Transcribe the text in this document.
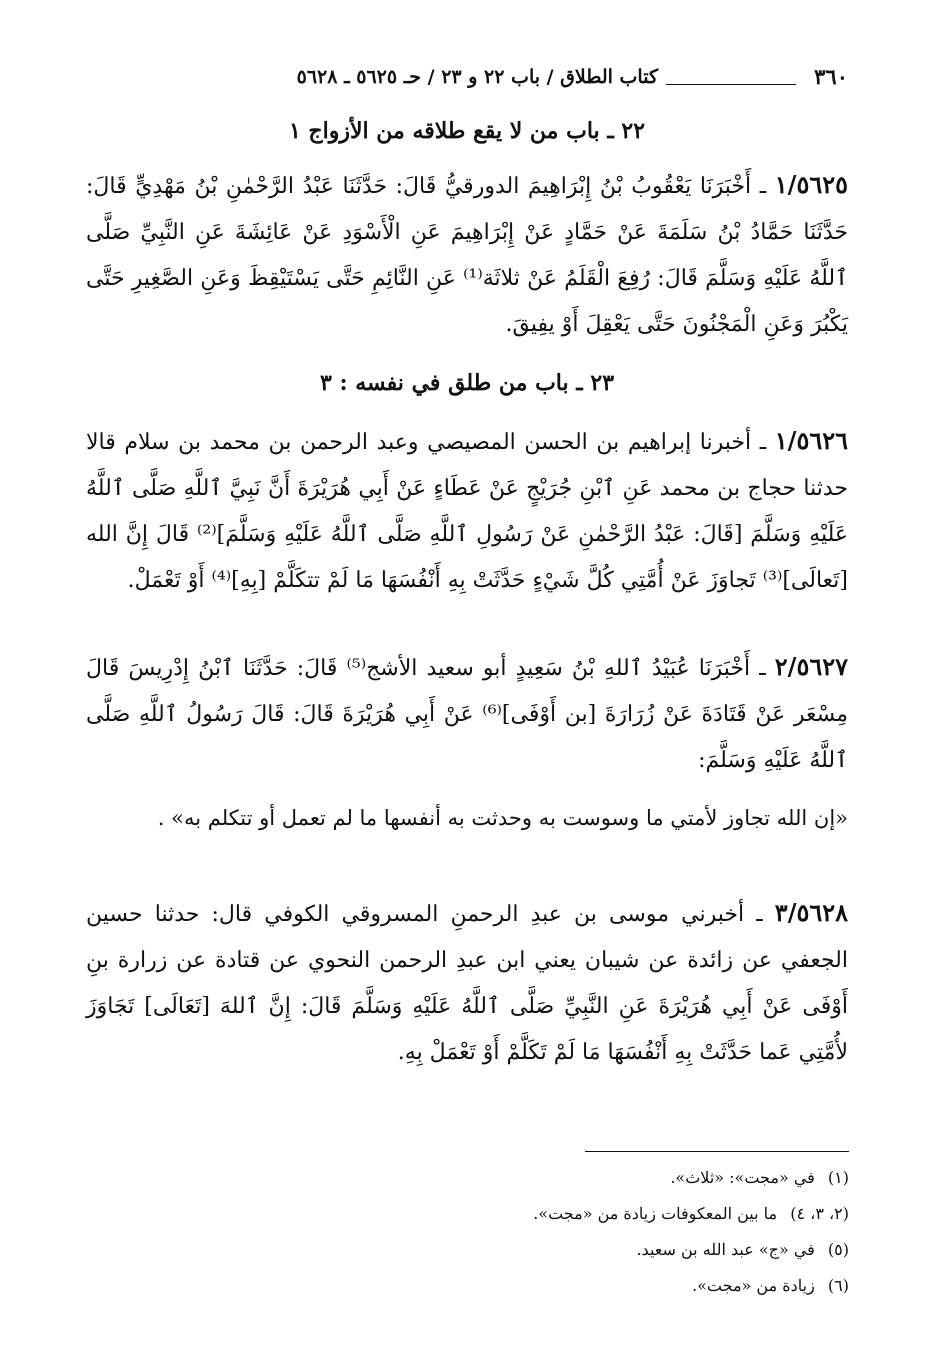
٣٦٠
كتاب الطلاق / باب ٢٢ و ٢٣ / حـ ٥٦٢٥ ـ ٥٦٢٨
٢٢ ـ باب من لا يقع طلاقه من الأزواج ١
١/٥٦٢٥ ـ أَخْبَرَنَا يَعْقُوبُ بْنُ إِبْرَاهِيمَ الدورقيُّ قَالَ: حَدَّثَنَا عَبْدُ الرَّحْمٰنِ بْنُ مَهْدِيٍّ قَالَ: حَدَّثَنَا حَمَّادُ بْنُ سَلَمَةَ عَنْ حَمَّادٍ عَنْ إِبْرَاهِيمَ عَنِ الْأَسْوَدِ عَنْ عَائِشَةَ عَنِ النَّبِيِّ صَلَّى ٱللَّهُ عَلَيْهِ وَسَلَّمَ قَالَ: رُفِعَ الْقَلَمُ عَنْ ثلاثَة⁽¹⁾ عَنِ النَّائِمِ حَتَّى يَسْتَيْقِظَ وَعَنِ الصَّغِيرِ حَتَّى يَكْبُرَ وَعَنِ الْمَجْنُونَ حَتَّى يَعْقِلَ أَوْ يفِيقَ.
٢٣ ـ باب من طلق في نفسه : ٣
١/٥٦٢٦ ـ أخبرنا إبراهيم بن الحسن المصيصي وعبد الرحمن بن محمد بن سلام قالا حدثنا حجاج بن محمد عَنِ ٱبْنِ جُرَيْجٍ عَنْ عَطَاءٍ عَنْ أَبِي هُرَيْرَةَ أَنَّ نَبِيَّ ٱللَّهِ صَلَّى ٱللَّهُ عَلَيْهِ وَسَلَّمَ [قَالَ: عَبْدُ الرَّحْمٰنِ عَنْ رَسُولِ ٱللَّهِ صَلَّى ٱللَّهُ عَلَيْهِ وَسَلَّمَ]⁽²⁾ قَالَ إِنَّ الله [تَعالَى]⁽³⁾ تَجاوَزَ عَنْ أُمَّتِي كُلَّ شَيْءٍ حَدَّثَتْ بِهِ أَنْفُسَهَا مَا لَمْ تتكَلَّمْ [بِهِ]⁽⁴⁾ أَوْ تَعْمَلْ.
٢/٥٦٢٧ ـ أَخْبَرَنَا عُبَيْدُ ٱللهِ بْنُ سَعِيدٍ أبو سعيد الأشج⁽⁵⁾ قَالَ: حَدَّثَنَا ٱبْنُ إِدْرِيسَ قَالَ مِسْعَر عَنْ قَتَادَةَ عَنْ زُرَارَةَ [بن أَوْفَى]⁽⁶⁾ عَنْ أَبِي هُرَيْرَةَ قَالَ: قَالَ رَسُولُ ٱللَّهِ صَلَّى ٱللَّهُ عَلَيْهِ وَسَلَّمَ:
«إن الله تجاوز لأمتي ما وسوست به وحدثت به أنفسها ما لم تعمل أو تتكلم به» .
٣/٥٦٢٨ ـ أخبرني موسى بن عبدِ الرحمنِ المسروقي الكوفي قال: حدثنا حسين الجعفي عن زائدة عن شيبان يعني ابن عبدِ الرحمن النحوي عن قتادة عن زرارة بنِ أَوْفَى عَنْ أَبِي هُرَيْرَةَ عَنِ النَّبِيِّ صَلَّى ٱللَّهُ عَلَيْهِ وَسَلَّمَ قَالَ: إِنَّ ٱللهَ [تَعَالَى] تَجَاوَزَ لأُمَّتِي عَما حَدَّثَتْ بِهِ أَنْفُسَهَا مَا لَمْ تَكَلَّمْ أَوْ تَعْمَلْ بِهِ.
(١) في «مجت»: «ثلاث».
(٢، ٣، ٤) ما بين المعكوفات زيادة من «مجت».
(٥) في «ج» عبد الله بن سعيد.
(٦) زيادة من «مجت».
